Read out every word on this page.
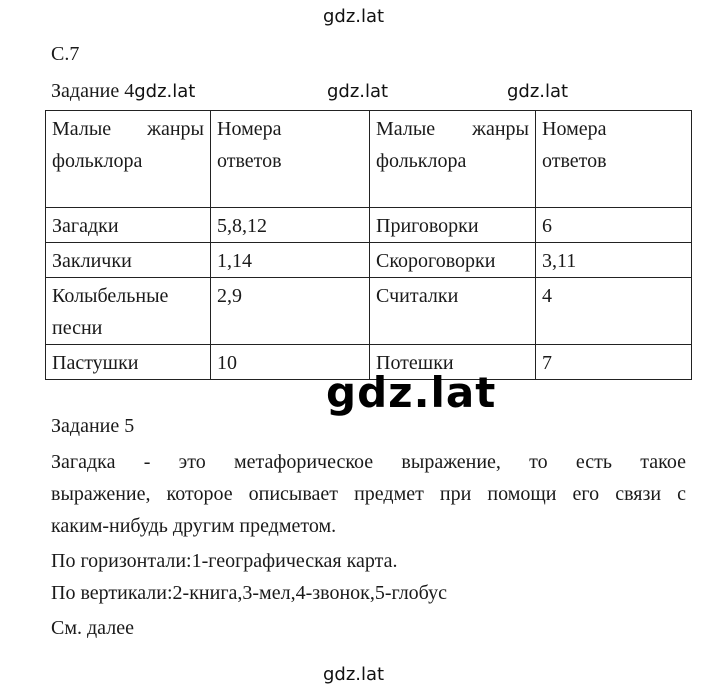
gdz.lat
С.7
Задание 4gdz.lat	gdz.lat	gdz.lat
Малые жанры фольклора	Номера ответов	Малые жанры фольклора	Номера ответов
Загадки	5,8,12	Приговорки	6
Заклички	1,14	Скороговорки	3,11
Колыбельные песни	2,9	Считалки	4
Пастушки	10	Потешки	7
gdz.lat
Задание 5
Загадка - это метафорическое выражение, то есть такое
выражение, которое описывает предмет при помощи его связи с
каким-нибудь другим предметом.
По горизонтали:1-географическая карта.
По вертикали:2-книга,3-мел,4-звонок,5-глобус
См. далее
gdz.lat
